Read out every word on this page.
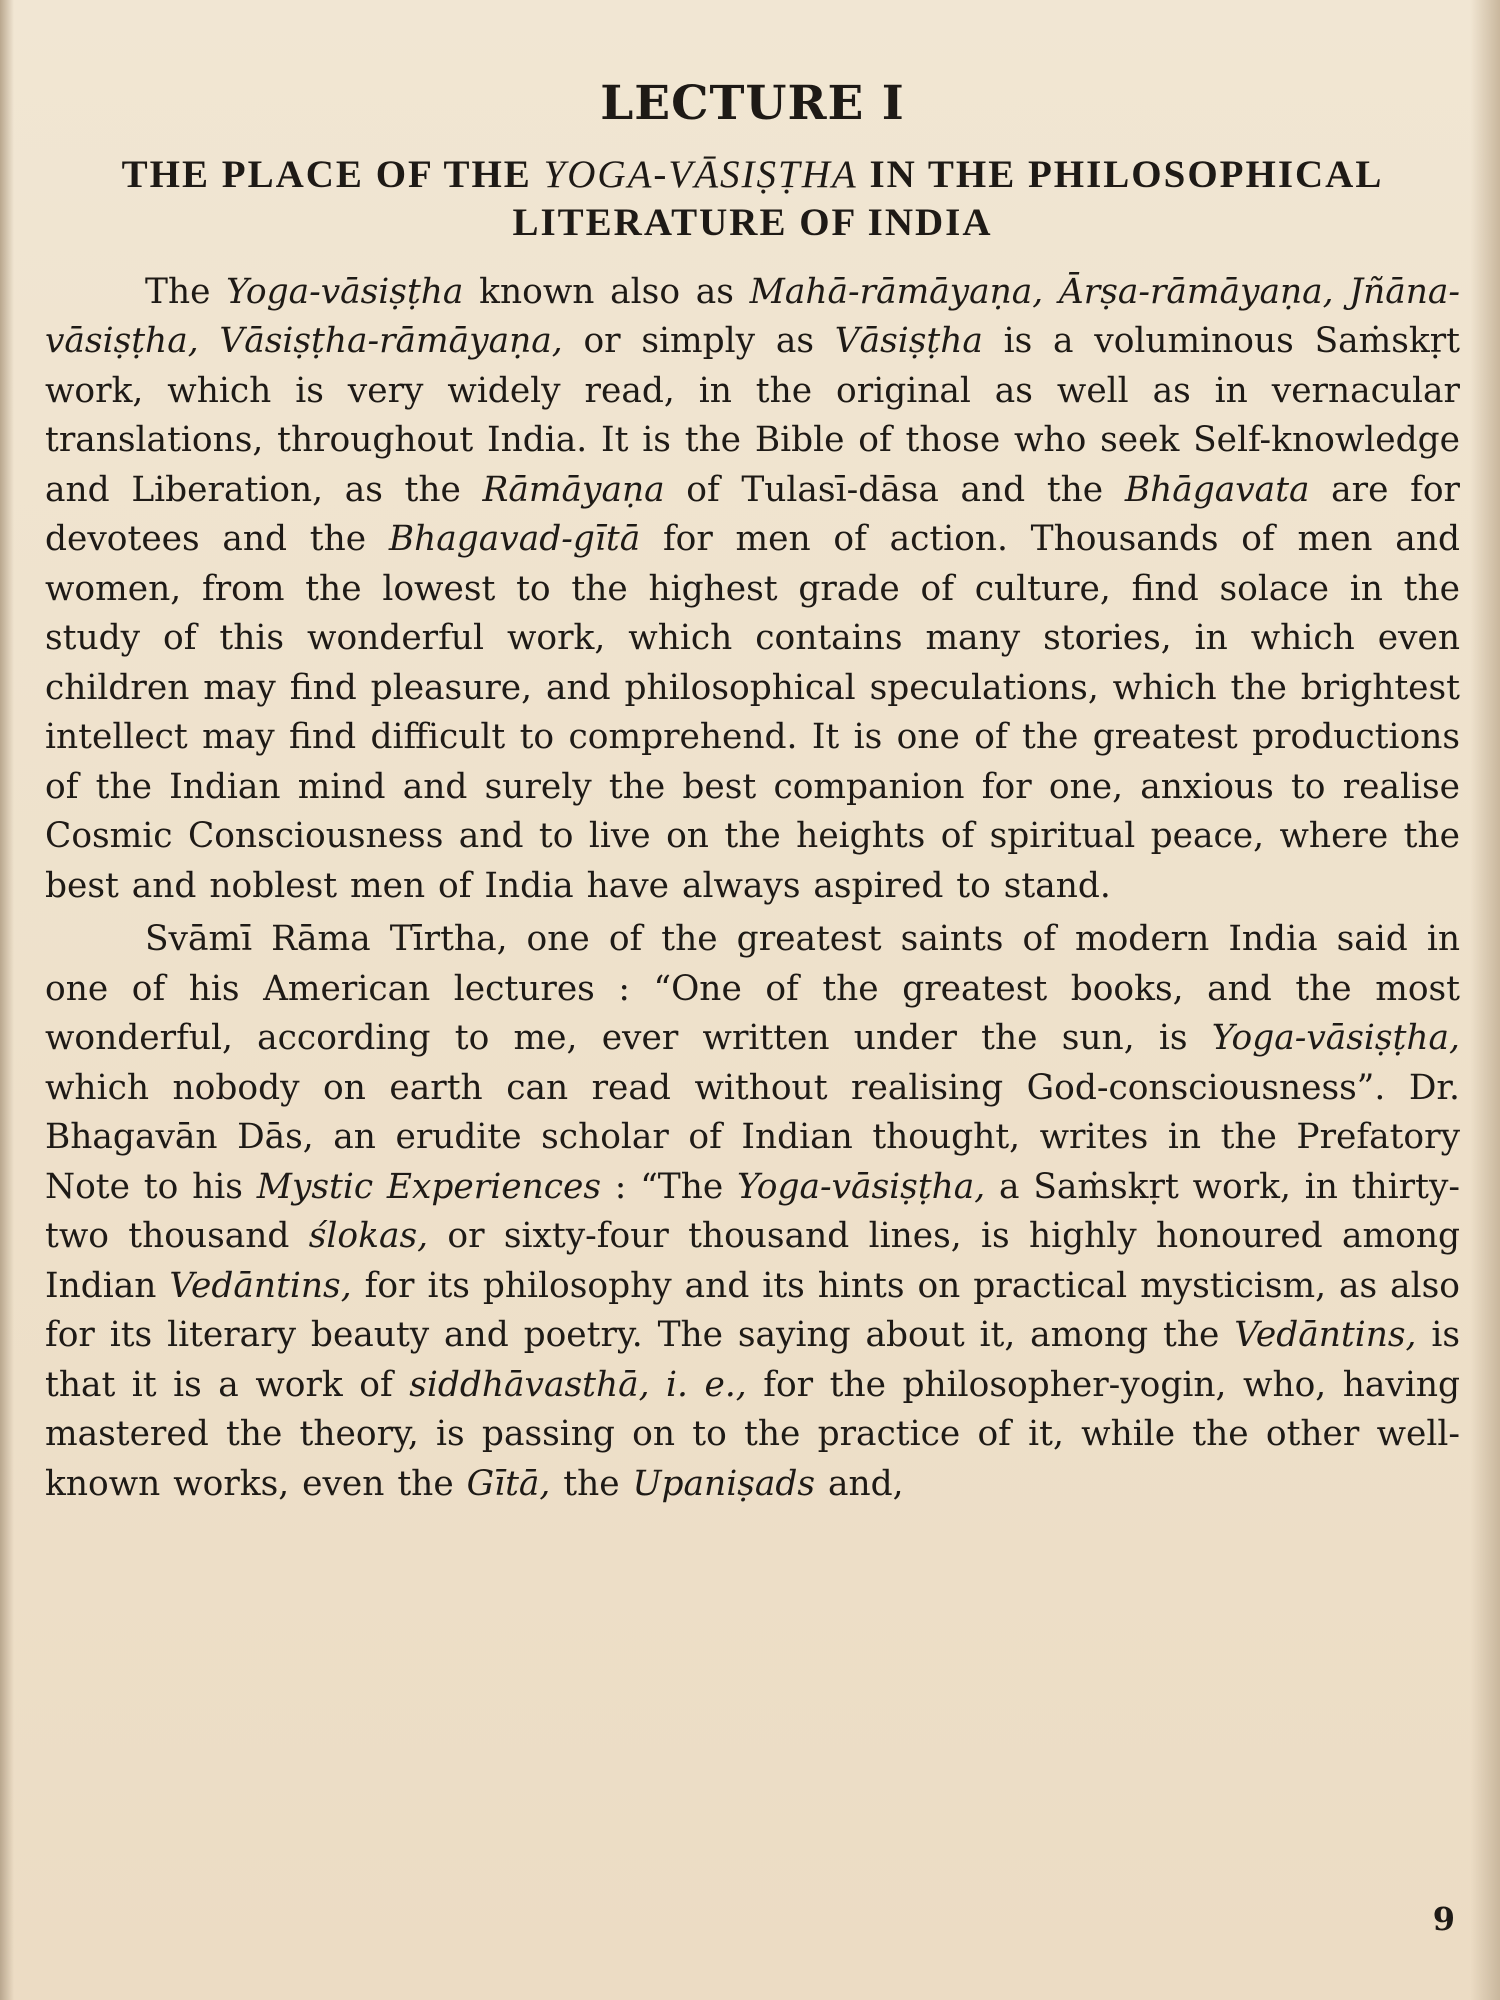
LECTURE I
THE PLACE OF THE YOGA-VĀSIṢṬHA IN THE PHILOSOPHICAL LITERATURE OF INDIA

The Yoga-vāsiṣṭha known also as Mahā-rāmāyaṇa, Ārṣa-rāmāyaṇa, Jñāna-vāsiṣṭha, Vāsiṣṭha-rāmāyaṇa, or simply as Vāsiṣṭha is a voluminous Saṁskṛt work, which is very widely read, in the original as well as in vernacular translations, throughout India. It is the Bible of those who seek Self-knowledge and Liberation, as the Rāmāyaṇa of Tulasī-dāsa and the Bhāgavata are for devotees and the Bhagavad-gītā for men of action. Thousands of men and women, from the lowest to the highest grade of culture, find solace in the study of this wonderful work, which contains many stories, in which even children may find pleasure, and philosophical speculations, which the brightest intellect may find difficult to comprehend. It is one of the greatest productions of the Indian mind and surely the best companion for one, anxious to realise Cosmic Consciousness and to live on the heights of spiritual peace, where the best and noblest men of India have always aspired to stand.

Svāmī Rāma Tīrtha, one of the greatest saints of modern India said in one of his American lectures : “One of the greatest books, and the most wonderful, according to me, ever written under the sun, is Yoga-vāsiṣṭha, which nobody on earth can read without realising God-consciousness”. Dr. Bhagavān Dās, an erudite scholar of Indian thought, writes in the Prefatory Note to his Mystic Experiences : “The Yoga-vāsiṣṭha, a Saṁskṛt work, in thirty-two thousand ślokas, or sixty-four thousand lines, is highly honoured among Indian Vedāntins, for its philosophy and its hints on practical mysticism, as also for its literary beauty and poetry. The saying about it, among the Vedāntins, is that it is a work of siddhāvasthā, i. e., for the philosopher-yogin, who, having mastered the theory, is passing on to the practice of it, while the other well-known works, even the Gītā, the Upaniṣads and,

9
